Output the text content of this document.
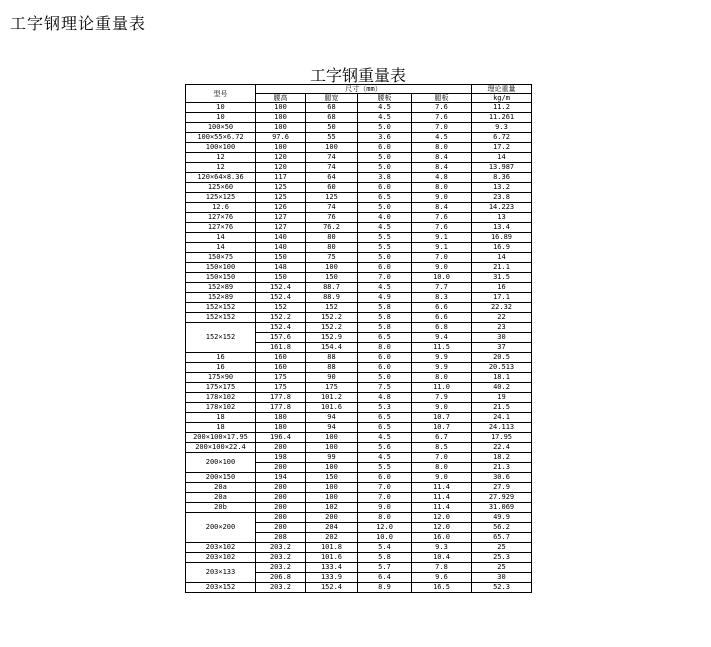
工字钢理论重量表
工字钢重量表
型号	尺寸（mm）				理论重量
	腰高	腿宽	腰板	腿板	kg/m
10	100	68	4.5	7.6	11.2
10	100	68	4.5	7.6	11.261
100×50	100	50	5.0	7.0	9.3
100×55×6.72	97.6	55	3.6	4.5	6.72
100×100	100	100	6.0	8.0	17.2
12	120	74	5.0	8.4	14
12	120	74	5.0	8.4	13.987
120×64×8.36	117	64	3.8	4.8	8.36
125×60	125	60	6.0	8.0	13.2
125×125	125	125	6.5	9.0	23.8
12.6	126	74	5.0	8.4	14.223
127×76	127	76	4.0	7.6	13
127×76	127	76.2	4.5	7.6	13.4
14	140	80	5.5	9.1	16.89
14	140	80	5.5	9.1	16.9
150×75	150	75	5.0	7.0	14
150×100	148	100	6.0	9.0	21.1
150×150	150	150	7.0	10.0	31.5
152×89	152.4	88.7	4.5	7.7	16
152×89	152.4	88.9	4.9	8.3	17.1
152×152	152	152	5.8	6.6	22.32
152×152	152.2	152.2	5.8	6.6	22
152×152	152.4	152.2	5.8	6.8	23
	157.6	152.9	6.5	9.4	30
	161.8	154.4	8.0	11.5	37
16	160	88	6.0	9.9	20.5
16	160	88	6.0	9.9	20.513
175×90	175	90	5.0	8.0	18.1
175×175	175	175	7.5	11.0	40.2
178×102	177.8	101.2	4.8	7.9	19
178×102	177.8	101.6	5.3	9.0	21.5
18	180	94	6.5	10.7	24.1
18	180	94	6.5	10.7	24.113
200×100×17.95	196.4	100	4.5	6.7	17.95
200×100×22.4	200	100	5.6	8.5	22.4
200×100	198	99	4.5	7.0	18.2
	200	100	5.5	8.0	21.3
200×150	194	150	6.0	9.0	30.6
20a	200	100	7.0	11.4	27.9
20a	200	100	7.0	11.4	27.929
20b	200	102	9.0	11.4	31.069
200×200	200	200	8.0	12.0	49.9
	200	204	12.0	12.0	56.2
	208	202	10.0	16.0	65.7
203×102	203.2	101.8	5.4	9.3	25
203×102	203.2	101.6	5.8	10.4	25.3
203×133	203.2	133.4	5.7	7.8	25
	206.8	133.9	6.4	9.6	30
203×152	203.2	152.4	8.9	16.5	52.3
